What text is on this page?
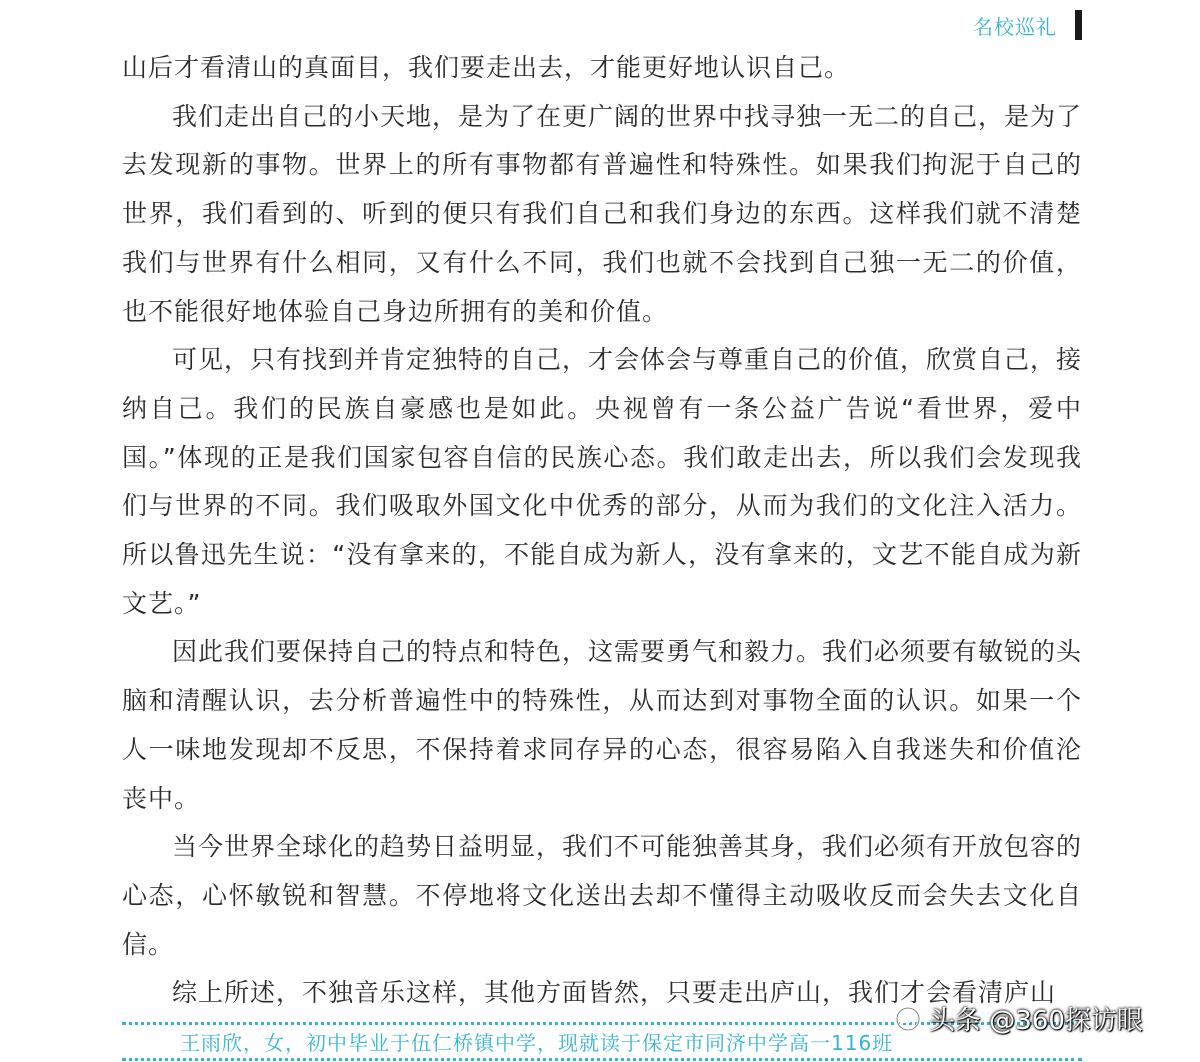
名校巡礼

山后才看清山的真面目，我们要走出去，才能更好地认识自己。

我们走出自己的小天地，是为了在更广阔的世界中找寻独一无二的自己，是为了去发现新的事物。世界上的所有事物都有普遍性和特殊性。如果我们拘泥于自己的世界，我们看到的、听到的便只有我们自己和我们身边的东西。这样我们就不清楚我们与世界有什么相同，又有什么不同，我们也就不会找到自己独一无二的价值，也不能很好地体验自己身边所拥有的美和价值。

可见，只有找到并肯定独特的自己，才会体会与尊重自己的价值，欣赏自己，接纳自己。我们的民族自豪感也是如此。央视曾有一条公益广告说“看世界，爱中国。”体现的正是我们国家包容自信的民族心态。我们敢走出去，所以我们会发现我们与世界的不同。我们吸取外国文化中优秀的部分，从而为我们的文化注入活力。所以鲁迅先生说：“没有拿来的，不能自成为新人，没有拿来的，文艺不能自成为新文艺。”

因此我们要保持自己的特点和特色，这需要勇气和毅力。我们必须要有敏锐的头脑和清醒认识，去分析普遍性中的特殊性，从而达到对事物全面的认识。如果一个人一味地发现却不反思，不保持着求同存异的心态，很容易陷入自我迷失和价值沦丧中。

当今世界全球化的趋势日益明显，我们不可能独善其身，我们必须有开放包容的心态，心怀敏锐和智慧。不停地将文化送出去却不懂得主动吸收反而会失去文化自信。

综上所述，不独音乐这样，其他方面皆然，只要走出庐山，我们才会看清庐山

王雨欣，女，初中毕业于伍仁桥镇中学，现就读于保定市同济中学高一116班
头条 @360探访眼
